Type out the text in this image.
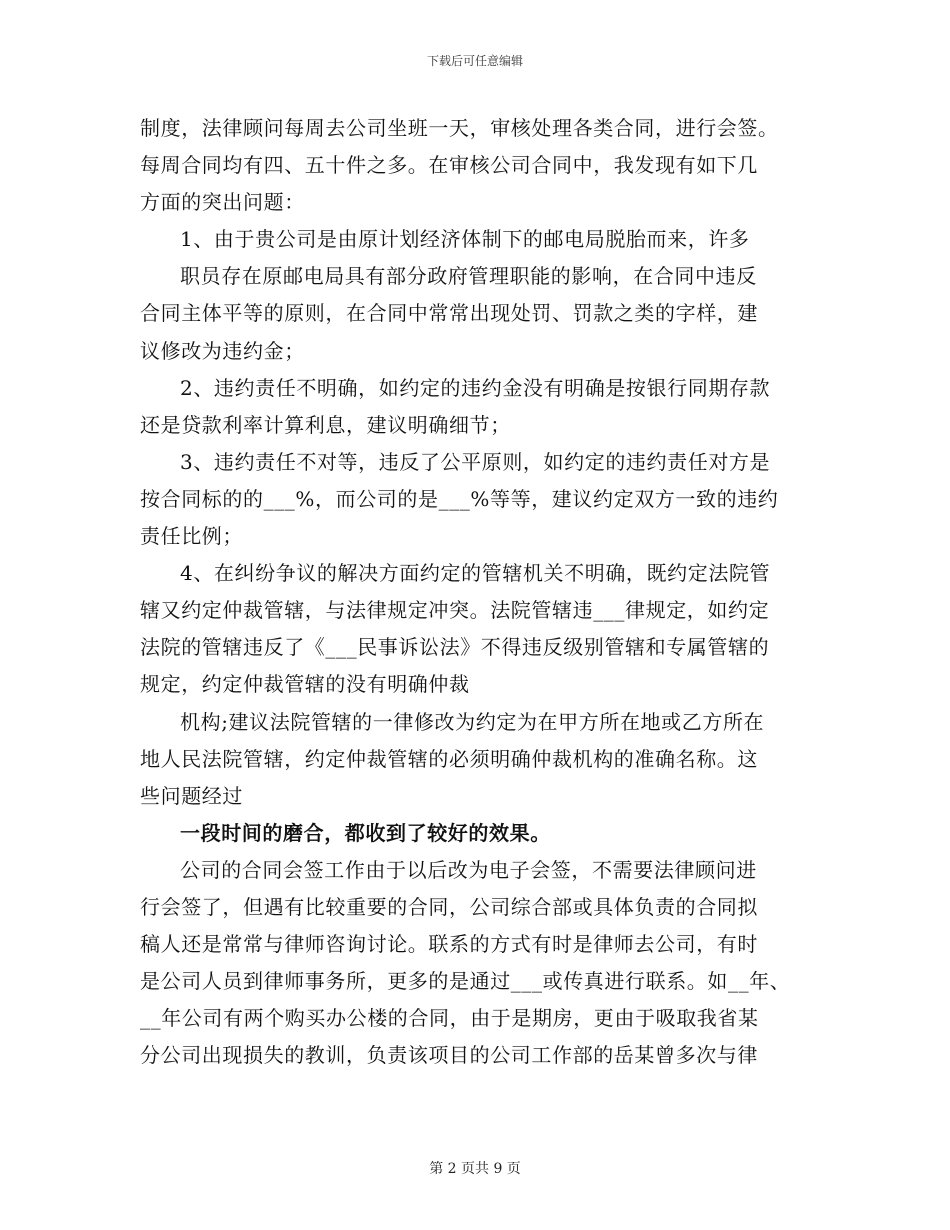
下载后可任意编辑

制度，法律顾问每周去公司坐班一天，审核处理各类合同，进行会签。

每周合同均有四、五十件之多。在审核公司合同中，我发现有如下几

方面的突出问题：

1、由于贵公司是由原计划经济体制下的邮电局脱胎而来，许多

职员存在原邮电局具有部分政府管理职能的影响，在合同中违反

合同主体平等的原则，在合同中常常出现处罚、罚款之类的字样，建

议修改为违约金；

2、违约责任不明确，如约定的违约金没有明确是按银行同期存款

还是贷款利率计算利息，建议明确细节；

3、违约责任不对等，违反了公平原则，如约定的违约责任对方是

按合同标的的___%，而公司的是___%等等，建议约定双方一致的违约

责任比例；

4、在纠纷争议的解决方面约定的管辖机关不明确，既约定法院管

辖又约定仲裁管辖，与法律规定冲突。法院管辖违___律规定，如约定

法院的管辖违反了《___民事诉讼法》不得违反级别管辖和专属管辖的

规定，约定仲裁管辖的没有明确仲裁

机构;建议法院管辖的一律修改为约定为在甲方所在地或乙方所在

地人民法院管辖，约定仲裁管辖的必须明确仲裁机构的准确名称。这

些问题经过

一段时间的磨合，都收到了较好的效果。

公司的合同会签工作由于以后改为电子会签，不需要法律顾问进

行会签了，但遇有比较重要的合同，公司综合部或具体负责的合同拟

稿人还是常常与律师咨询讨论。联系的方式有时是律师去公司，有时

是公司人员到律师事务所，更多的是通过___或传真进行联系。如__年、

__年公司有两个购买办公楼的合同，由于是期房，更由于吸取我省某

分公司出现损失的教训，负责该项目的公司工作部的岳某曾多次与律

第 2 页共 9 页
